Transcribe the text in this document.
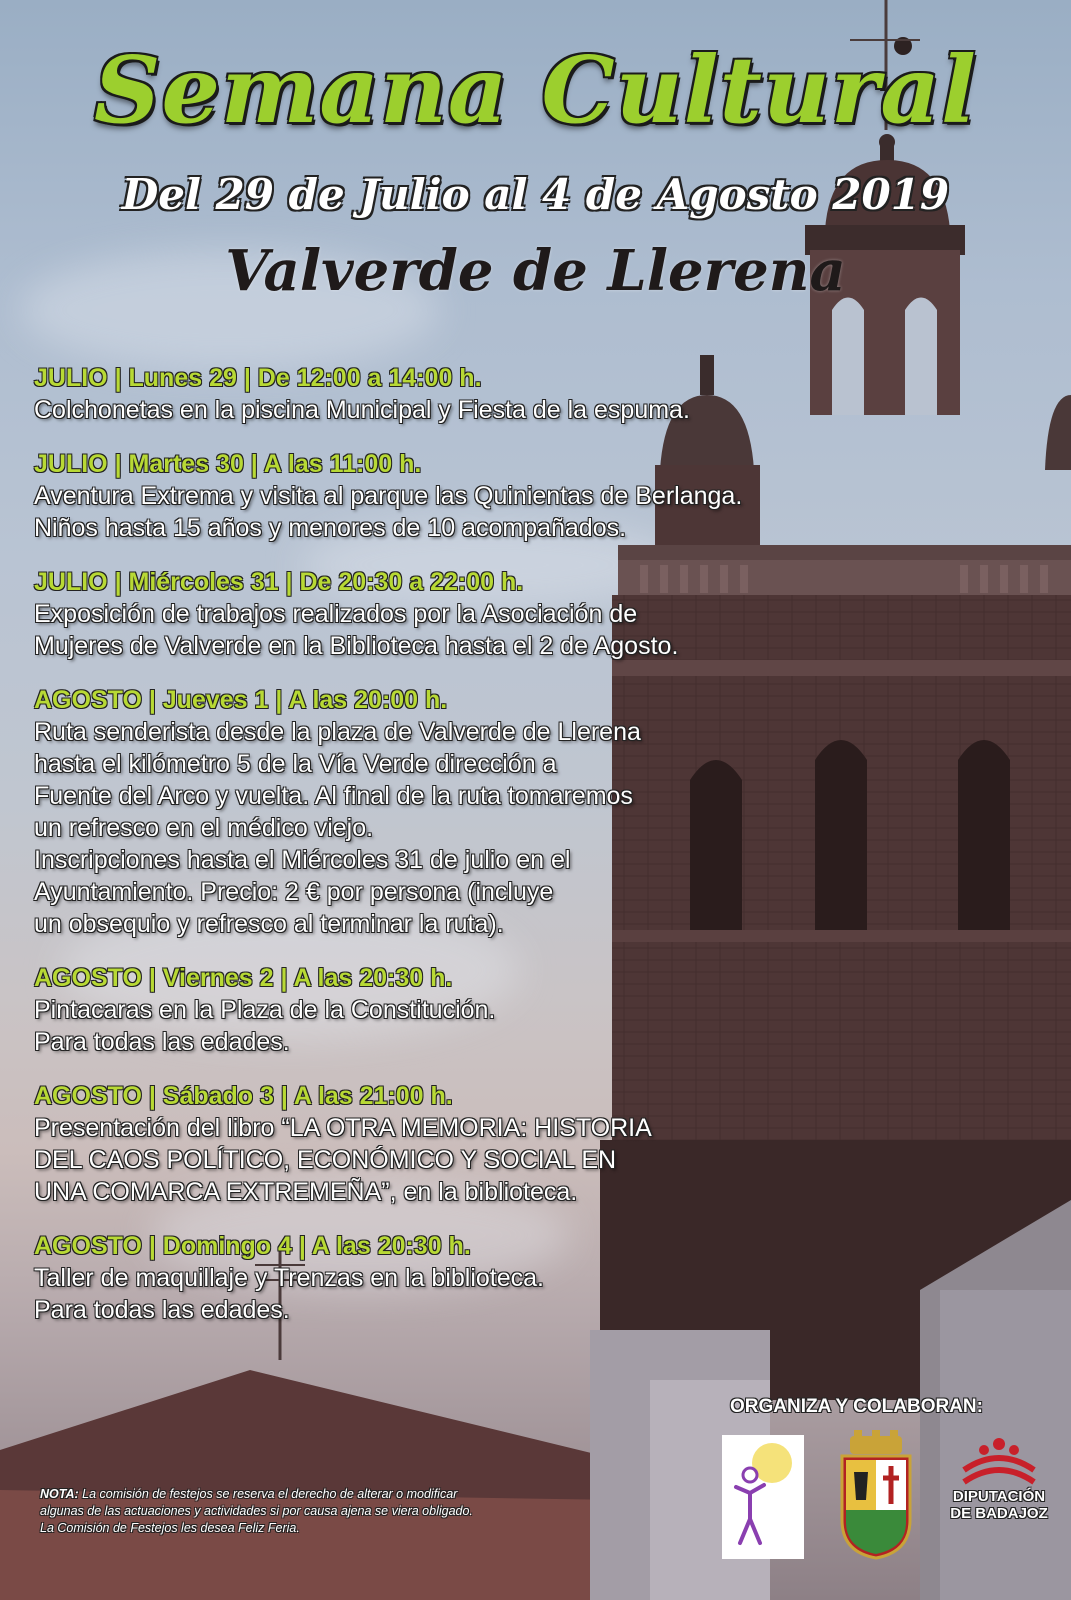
Semana Cultural
Del 29 de Julio al 4 de Agosto 2019
Valverde de Llerena
JULIO | Lunes 29 | De 12:00 a 14:00 h.
Colchonetas en la piscina Municipal y Fiesta de la espuma.
JULIO | Martes 30 | A las 11:00 h.
Aventura Extrema y visita al parque las Quinientas de Berlanga.
Niños hasta 15 años y menores de 10 acompañados.
JULIO | Miércoles 31 | De 20:30 a 22:00 h.
Exposición de trabajos realizados por la Asociación de
Mujeres de Valverde en la Biblioteca hasta el 2 de Agosto.
AGOSTO | Jueves 1 | A las 20:00 h.
Ruta senderista desde la plaza de Valverde de Llerena
hasta el kilómetro 5 de la Vía Verde dirección a
Fuente del Arco y vuelta. Al final de la ruta tomaremos
un refresco en el médico viejo.
Inscripciones hasta el Miércoles 31 de julio en el
Ayuntamiento. Precio: 2 € por persona (incluye
un obsequio y refresco al terminar la ruta).
AGOSTO | Viernes 2 | A las 20:30 h.
Pintacaras en la Plaza de la Constitución.
Para todas las edades.
AGOSTO | Sábado 3 | A las 21:00 h.
Presentación del libro “LA OTRA MEMORIA: HISTORIA
DEL CAOS POLÍTICO, ECONÓMICO Y SOCIAL EN
UNA COMARCA EXTREMEÑA”, en la biblioteca.
AGOSTO | Domingo 4 | A las 20:30 h.
Taller de maquillaje y Trenzas en la biblioteca.
Para todas las edades.
ORGANIZA Y COLABORAN:
DIPUTACIÓN
DE BADAJOZ
NOTA: La comisión de festejos se reserva el derecho de alterar o modificar
algunas de las actuaciones y actividades si por causa ajena se viera obligado.
La Comisión de Festejos les desea Feliz Feria.
